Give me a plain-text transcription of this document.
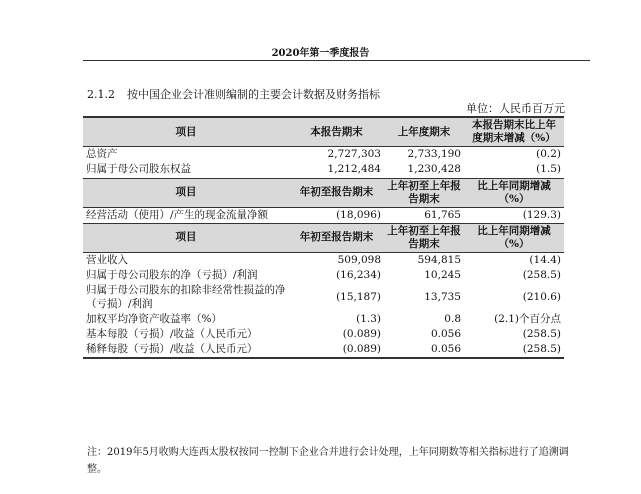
2020年第一季度报告
2.1.2 按中国企业会计准则编制的主要会计数据及财务指标
单位：人民币百万元
项目	本报告期末	上年度期末	本报告期末比上年度期末增减（%）
总资产	2,727,303	2,733,190	(0.2)
归属于母公司股东权益	1,212,484	1,230,428	(1.5)
项目	年初至报告期末	上年初至上年报告期末	比上年同期增减（%）
经营活动（使用）/产生的现金流量净额	(18,096)	61,765	(129.3)
项目	年初至报告期末	上年初至上年报告期末	比上年同期增减（%）
营业收入	509,098	594,815	(14.4)
归属于母公司股东的净（亏损）/利润	(16,234)	10,245	(258.5)
归属于母公司股东的扣除非经常性损益的净（亏损）/利润	(15,187)	13,735	(210.6)
加权平均净资产收益率（%）	(1.3)	0.8	(2.1)个百分点
基本每股（亏损）/收益（人民币元）	(0.089)	0.056	(258.5)
稀释每股（亏损）/收益（人民币元）	(0.089)	0.056	(258.5)
注：2019年5月收购大连西太股权按同一控制下企业合并进行会计处理，上年同期数等相关指标进行了追溯调整。
